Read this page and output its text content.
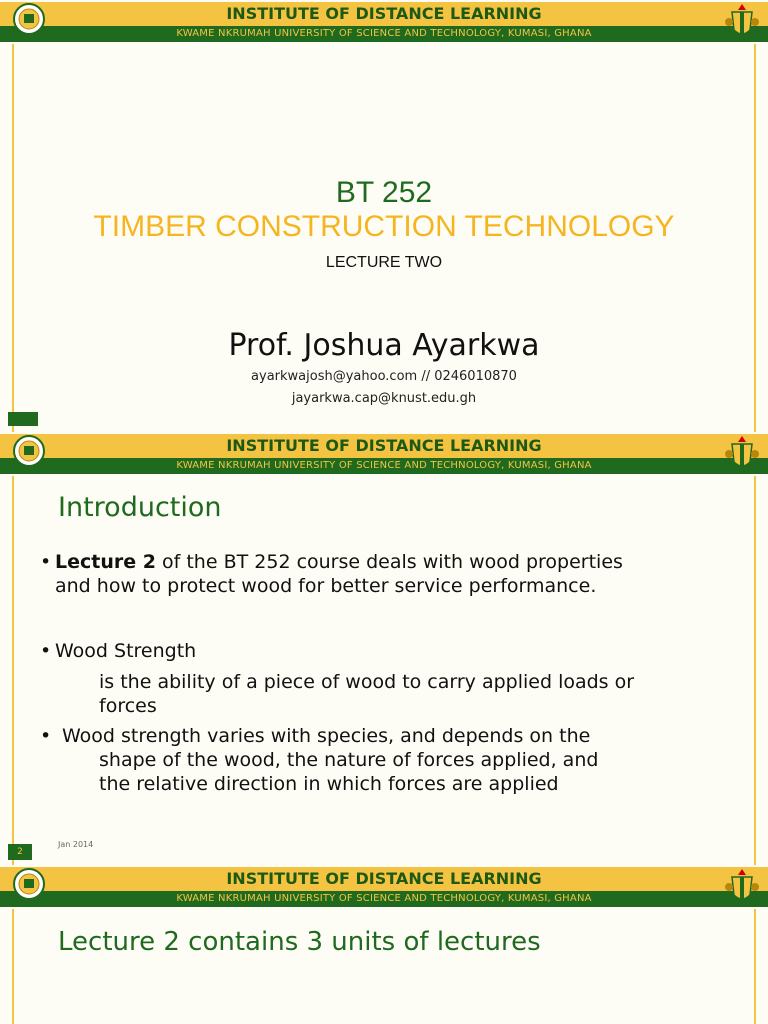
INSTITUTE OF DISTANCE LEARNING
KWAME NKRUMAH UNIVERSITY OF SCIENCE AND TECHNOLOGY, KUMASI, GHANA
BT 252
TIMBER CONSTRUCTION TECHNOLOGY
LECTURE TWO
Prof. Joshua Ayarkwa
ayarkwajosh@yahoo.com // 0246010870
jayarkwa.cap@knust.edu.gh
INSTITUTE OF DISTANCE LEARNING
KWAME NKRUMAH UNIVERSITY OF SCIENCE AND TECHNOLOGY, KUMASI, GHANA
Introduction
• Lecture 2 of the BT 252 course deals with wood properties
and how to protect wood for better service performance.
• Wood Strength
is the ability of a piece of wood to carry applied loads or
forces
• Wood strength varies with species, and depends on the
shape of the wood, the nature of forces applied, and
the relative direction in which forces are applied
Jan 2014
2
INSTITUTE OF DISTANCE LEARNING
KWAME NKRUMAH UNIVERSITY OF SCIENCE AND TECHNOLOGY, KUMASI, GHANA
Lecture 2 contains 3 units of lectures
